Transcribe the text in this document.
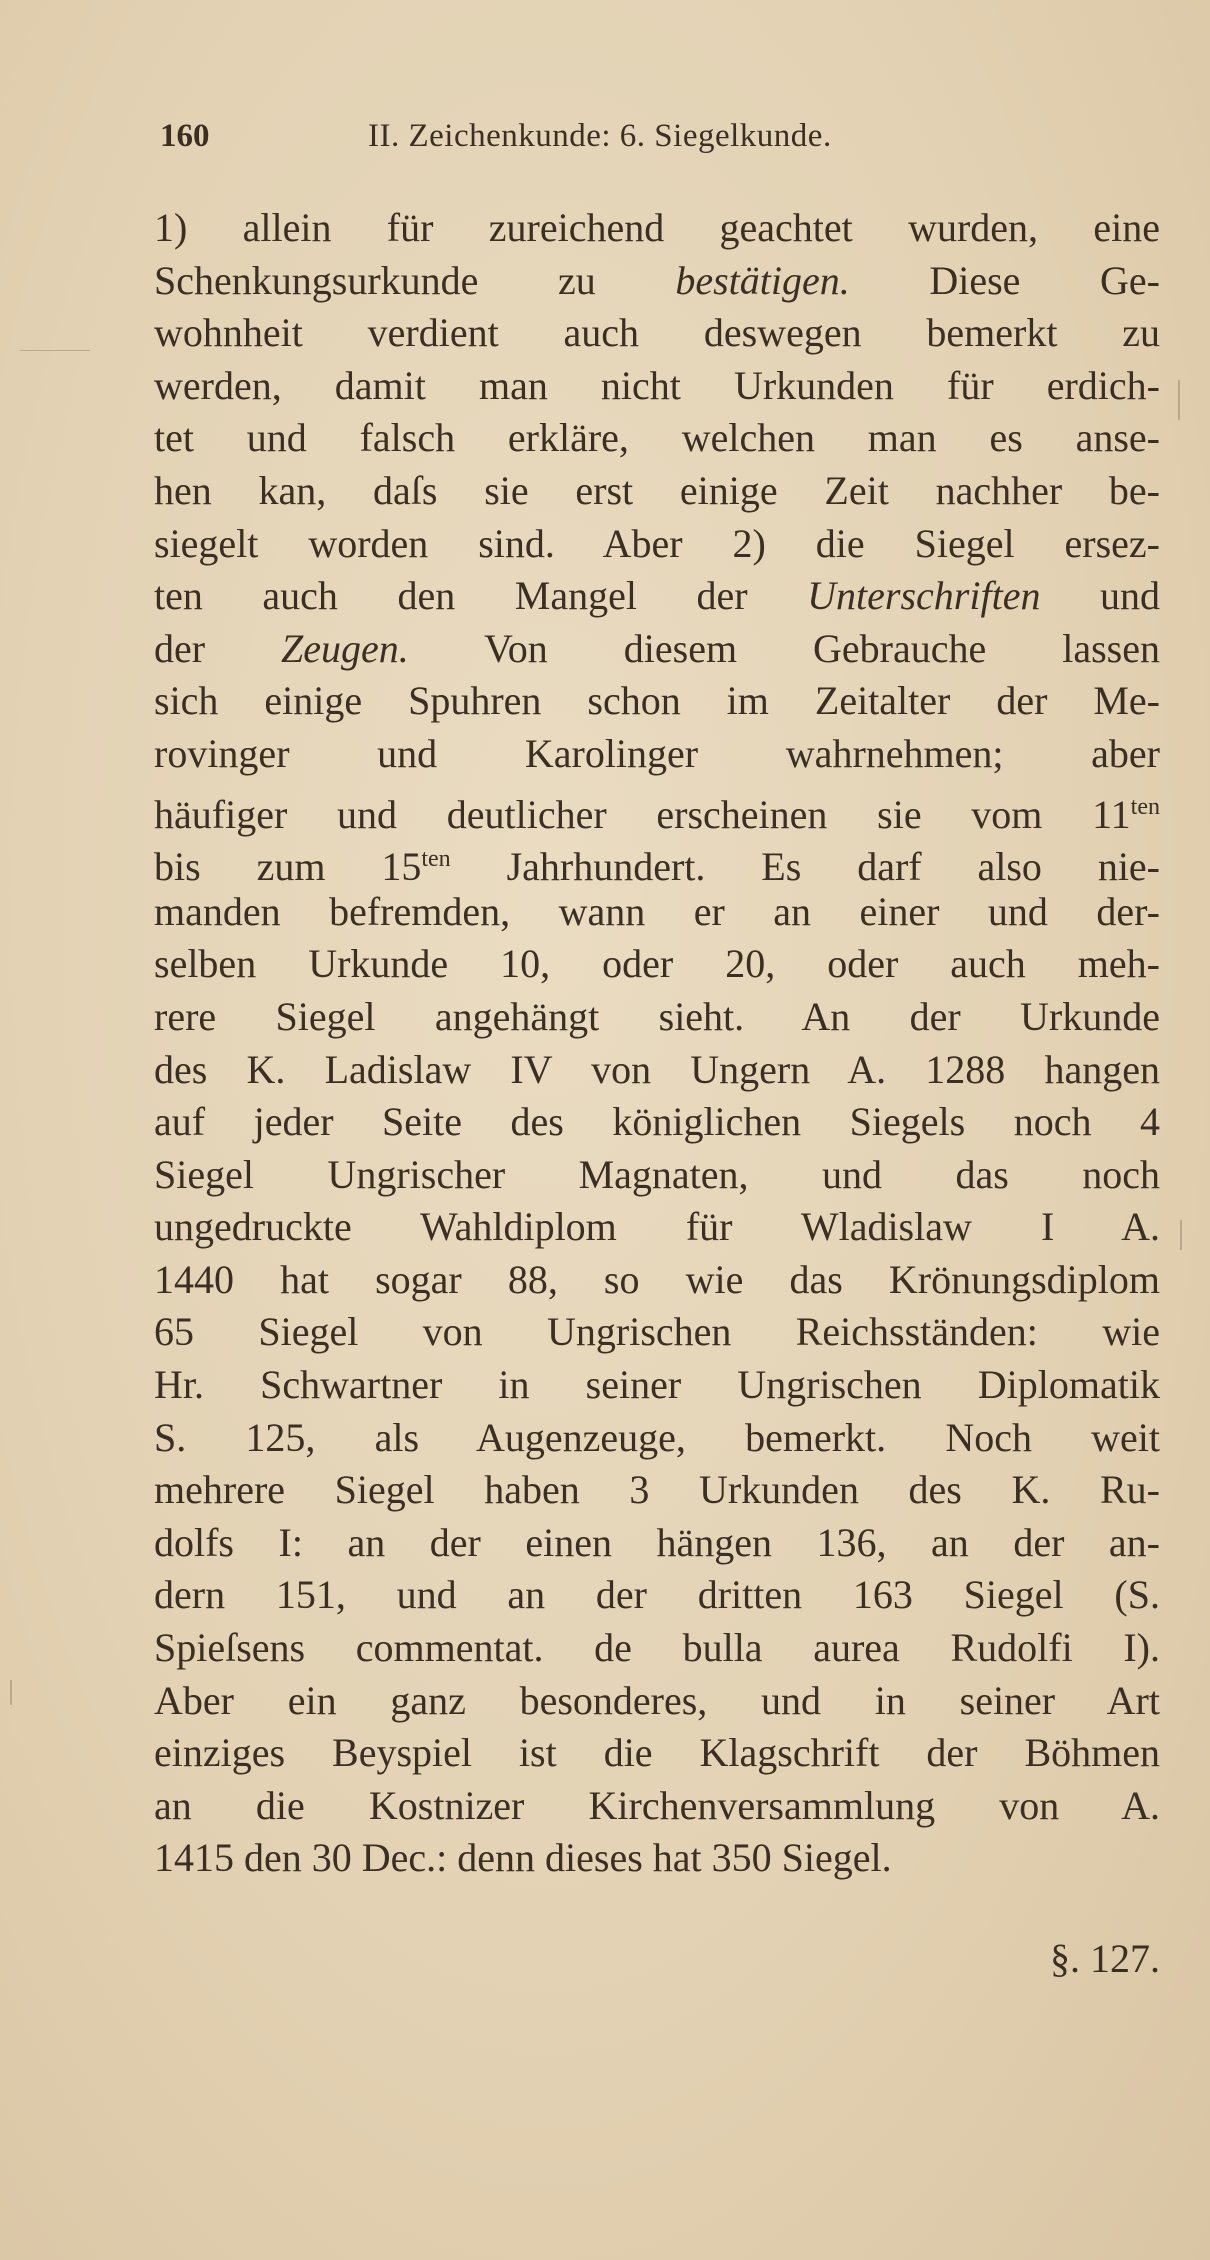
160	II. Zeichenkunde: 6. Siegelkunde.
1) allein für zureichend geachtet wurden, eine
Schenkungsurkunde zu bestätigen. Diese Ge-
wohnheit verdient auch deswegen bemerkt zu
werden, damit man nicht Urkunden für erdich-
tet und falsch erkläre, welchen man es anse-
hen kan, daſs sie erst einige Zeit nachher be-
siegelt worden sind. Aber 2) die Siegel ersez-
ten auch den Mangel der Unterschriften und
der Zeugen. Von diesem Gebrauche lassen
sich einige Spuhren schon im Zeitalter der Me-
rovinger und Karolinger wahrnehmen; aber
häufiger und deutlicher erscheinen sie vom $11^{ten}$
bis zum $15^{ten}$ Jahrhundert. Es darf also nie-
manden befremden, wann er an einer und der-
selben Urkunde 10, oder 20, oder auch meh-
rere Siegel angehängt sieht. An der Urkunde
des K. Ladislaw IV von Ungern A. 1288 hangen
auf jeder Seite des königlichen Siegels noch 4
Siegel Ungrischer Magnaten, und das noch
ungedruckte Wahldiplom für Wladislaw I A.
1440 hat sogar 88, so wie das Krönungsdiplom
65 Siegel von Ungrischen Reichsständen: wie
Hr. Schwartner in seiner Ungrischen Diplomatik
S. 125, als Augenzeuge, bemerkt. Noch weit
mehrere Siegel haben 3 Urkunden des K. Ru-
dolfs I: an der einen hängen 136, an der an-
dern 151, und an der dritten 163 Siegel (S.
Spieſsens commentat. de bulla aurea Rudolfi I).
Aber ein ganz besonderes, und in seiner Art
einziges Beyspiel ist die Klagschrift der Böhmen
an die Kostnizer Kirchenversammlung von A.
1415 den 30 Dec.: denn dieses hat 350 Siegel.
§. 127.
